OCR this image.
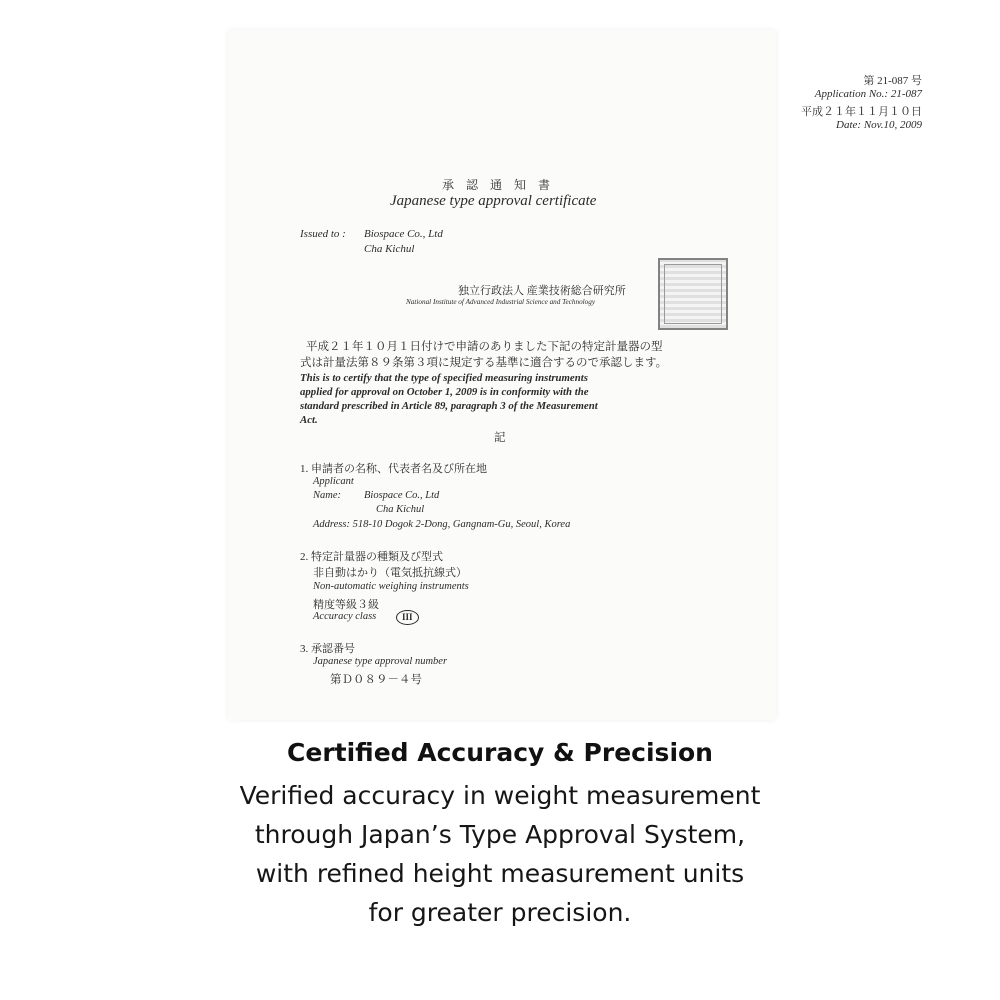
第 21-087 号
Application No.: 21-087
平成２１年１１月１０日
Date: Nov.10, 2009
承　認　通　知　書
Japanese type approval certificate
Issued to : Biospace Co., Ltd
Cha Kichul
独立行政法人 産業技術総合研究所
National Institute of Advanced Industrial Science and Technology
平成２１年１０月１日付けで申請のありました下記の特定計量器の型
式は計量法第８９条第３項に規定する基準に適合するので承認します。
This is to certify that the type of specified measuring instruments
applied for approval on October 1, 2009 is in conformity with the
standard prescribed in Article 89, paragraph 3 of the Measurement
Act.
記
1. 申請者の名称、代表者名及び所在地
Applicant
Name: Biospace Co., Ltd
Cha Kichul
Address: 518-10 Dogok 2-Dong, Gangnam-Gu, Seoul, Korea
2. 特定計量器の種類及び型式
非自動はかり（電気抵抗線式）
Non-automatic weighing instruments
精度等級３級
Accuracy class	III
3. 承認番号
Japanese type approval number
第Ｄ０８９－４号
Certified Accuracy & Precision
Verified accuracy in weight measurement
through Japan’s Type Approval System,
with refined height measurement units
for greater precision.
